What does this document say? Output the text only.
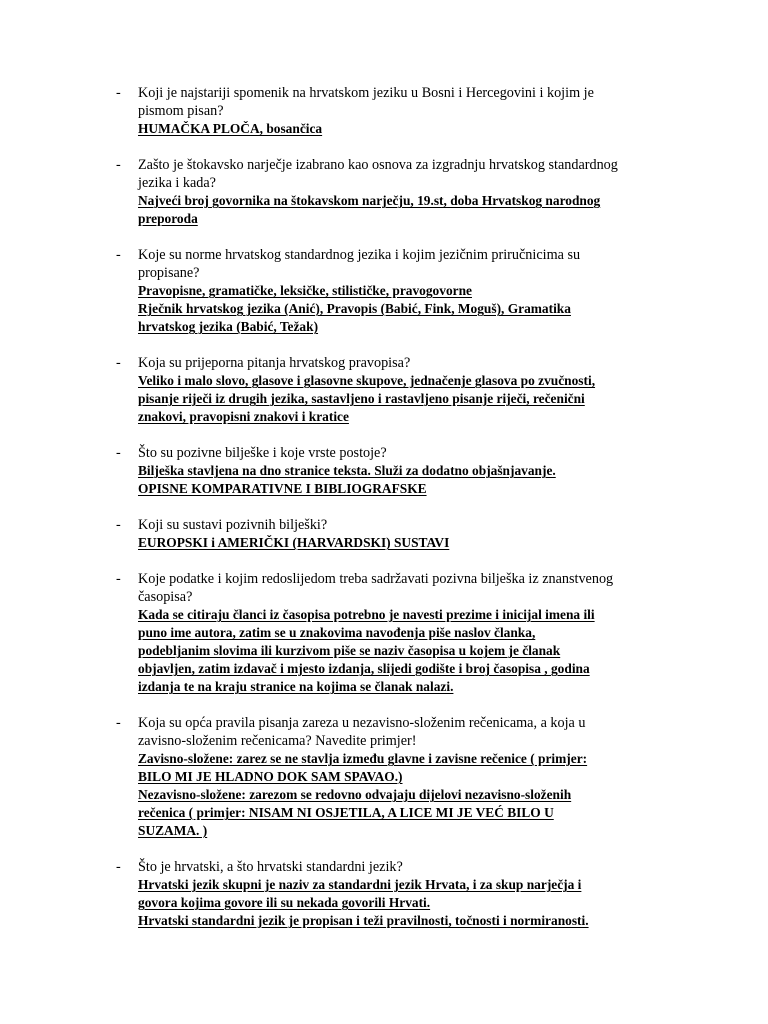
- Koji je najstariji spomenik na hrvatskom jeziku u Bosni i Hercegovini i kojim je
pismom pisan?
HUMAČKA PLOČA, bosančica
- Zašto je štokavsko narječje izabrano kao osnova za izgradnju hrvatskog standardnog
jezika i kada?
Najveći broj govornika na štokavskom narječju, 19.st, doba Hrvatskog narodnog
preporoda
- Koje su norme hrvatskog standardnog jezika i kojim jezičnim priručnicima su
propisane?
Pravopisne, gramatičke, leksičke, stilističke, pravogovorne
Rječnik hrvatskog jezika (Anić), Pravopis (Babić, Fink, Moguš), Gramatika
hrvatskog jezika (Babić, Težak)
- Koja su prijeporna pitanja hrvatskog pravopisa?
Veliko i malo slovo, glasove i glasovne skupove, jednačenje glasova po zvučnosti,
pisanje riječi iz drugih jezika, sastavljeno i rastavljeno pisanje riječi, rečenični
znakovi, pravopisni znakovi i kratice
- Što su pozivne bilješke i koje vrste postoje?
Bilješka stavljena na dno stranice teksta. Služi za dodatno objašnjavanje.
OPISNE KOMPARATIVNE I BIBLIOGRAFSKE
- Koji su sustavi pozivnih bilješki?
EUROPSKI i AMERIČKI (HARVARDSKI) SUSTAVI
- Koje podatke i kojim redoslijedom treba sadržavati pozivna bilješka iz znanstvenog
časopisa?
Kada se citiraju članci iz časopisa potrebno je navesti prezime i inicijal imena ili
puno ime autora, zatim se u znakovima navođenja piše naslov članka,
podebljanim slovima ili kurzivom piše se naziv časopisa u kojem je članak
objavljen, zatim izdavač i mjesto izdanja, slijedi godište i broj časopisa , godina
izdanja te na kraju stranice na kojima se članak nalazi.
- Koja su opća pravila pisanja zareza u nezavisno-složenim rečenicama, a koja u
zavisno-složenim rečenicama? Navedite primjer!
Zavisno-složene: zarez se ne stavlja između glavne i zavisne rečenice ( primjer:
BILO MI JE HLADNO DOK SAM SPAVAO.)
Nezavisno-složene: zarezom se redovno odvajaju dijelovi nezavisno-složenih
rečenica ( primjer: NISAM NI OSJETILA, A LICE MI JE VEĆ BILO U
SUZAMA. )
- Što je hrvatski, a što hrvatski standardni jezik?
Hrvatski jezik skupni je naziv za standardni jezik Hrvata, i za skup narječja i
govora kojima govore ili su nekada govorili Hrvati.
Hrvatski standardni jezik je propisan i teži pravilnosti, točnosti i normiranosti.
